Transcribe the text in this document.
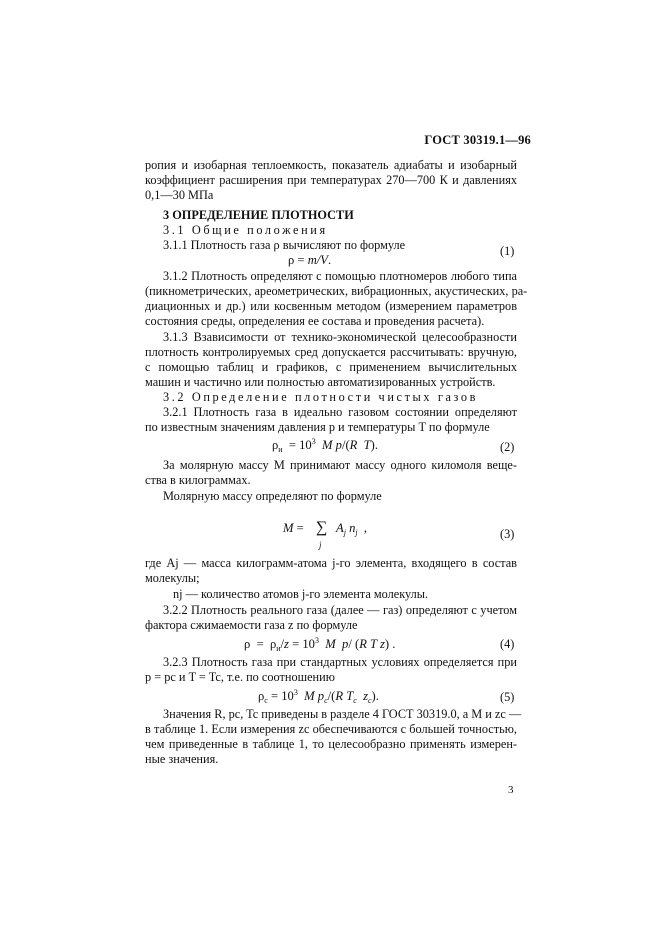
ГОСТ 30319.1—96
ропия и изобарная теплоемкость, показатель адиабаты и изобарный
коэффициент расширения при температурах 270—700 К и давлениях
0,1—30 МПа
3 ОПРЕДЕЛЕНИЕ ПЛОТНОСТИ
3.1 Общие положения
3.1.1 Плотность газа ρ вычисляют по формуле
ρ = m/V.
(1)
3.1.2 Плотность определяют с помощью плотномеров любого типа
(пикнометрических, ареометрических, вибрационных, акустических, ра-
диационных и др.) или косвенным методом (измерением параметров
состояния среды, определения ее состава и проведения расчета).
3.1.3 Взависимости от технико-экономической целесообразности
плотность контролируемых сред допускается рассчитывать: вручную,
с помощью таблиц и графиков, с применением вычислительных
машин и частично или полностью автоматизированных устройств.
3.2 Определение плотности чистых газов
3.2.1 Плотность газа в идеально газовом состоянии определяют
по известным значениям давления p и температуры T по формуле
$\rho_и = 10^3$  M p/(R  T).	(2)
За молярную массу M принимают массу одного киломоля веще-
ства в килограммах.
Молярную массу определяют по формуле
M = ∑
j
$A_j$ $n_j$ ,	(3)
где Aj — масса килограмм-атома j-го элемента, входящего в состав
молекулы;
nj — количество атомов j-го элемента молекулы.
3.2.2 Плотность реального газа (далее — газ) определяют с учетом
фактора сжимаемости газа z по формуле
$\rho = \rho_и/z = 10^3$  M  p/ (R T z) .	(4)
3.2.3 Плотность газа при стандартных условиях определяется при
p = pc и T = Tc, т.е. по соотношению
$\rho_c = 10^3$  M $p_c/(R$ $T_c$  $z_c$).	(5)
Значения R, pc, Tc приведены в разделе 4 ГОСТ 30319.0, а M и zc —
в таблице 1. Если измерения zc обеспечиваются с большей точностью,
чем приведенные в таблице 1, то целесообразно применять измерен-
ные значения.
3
